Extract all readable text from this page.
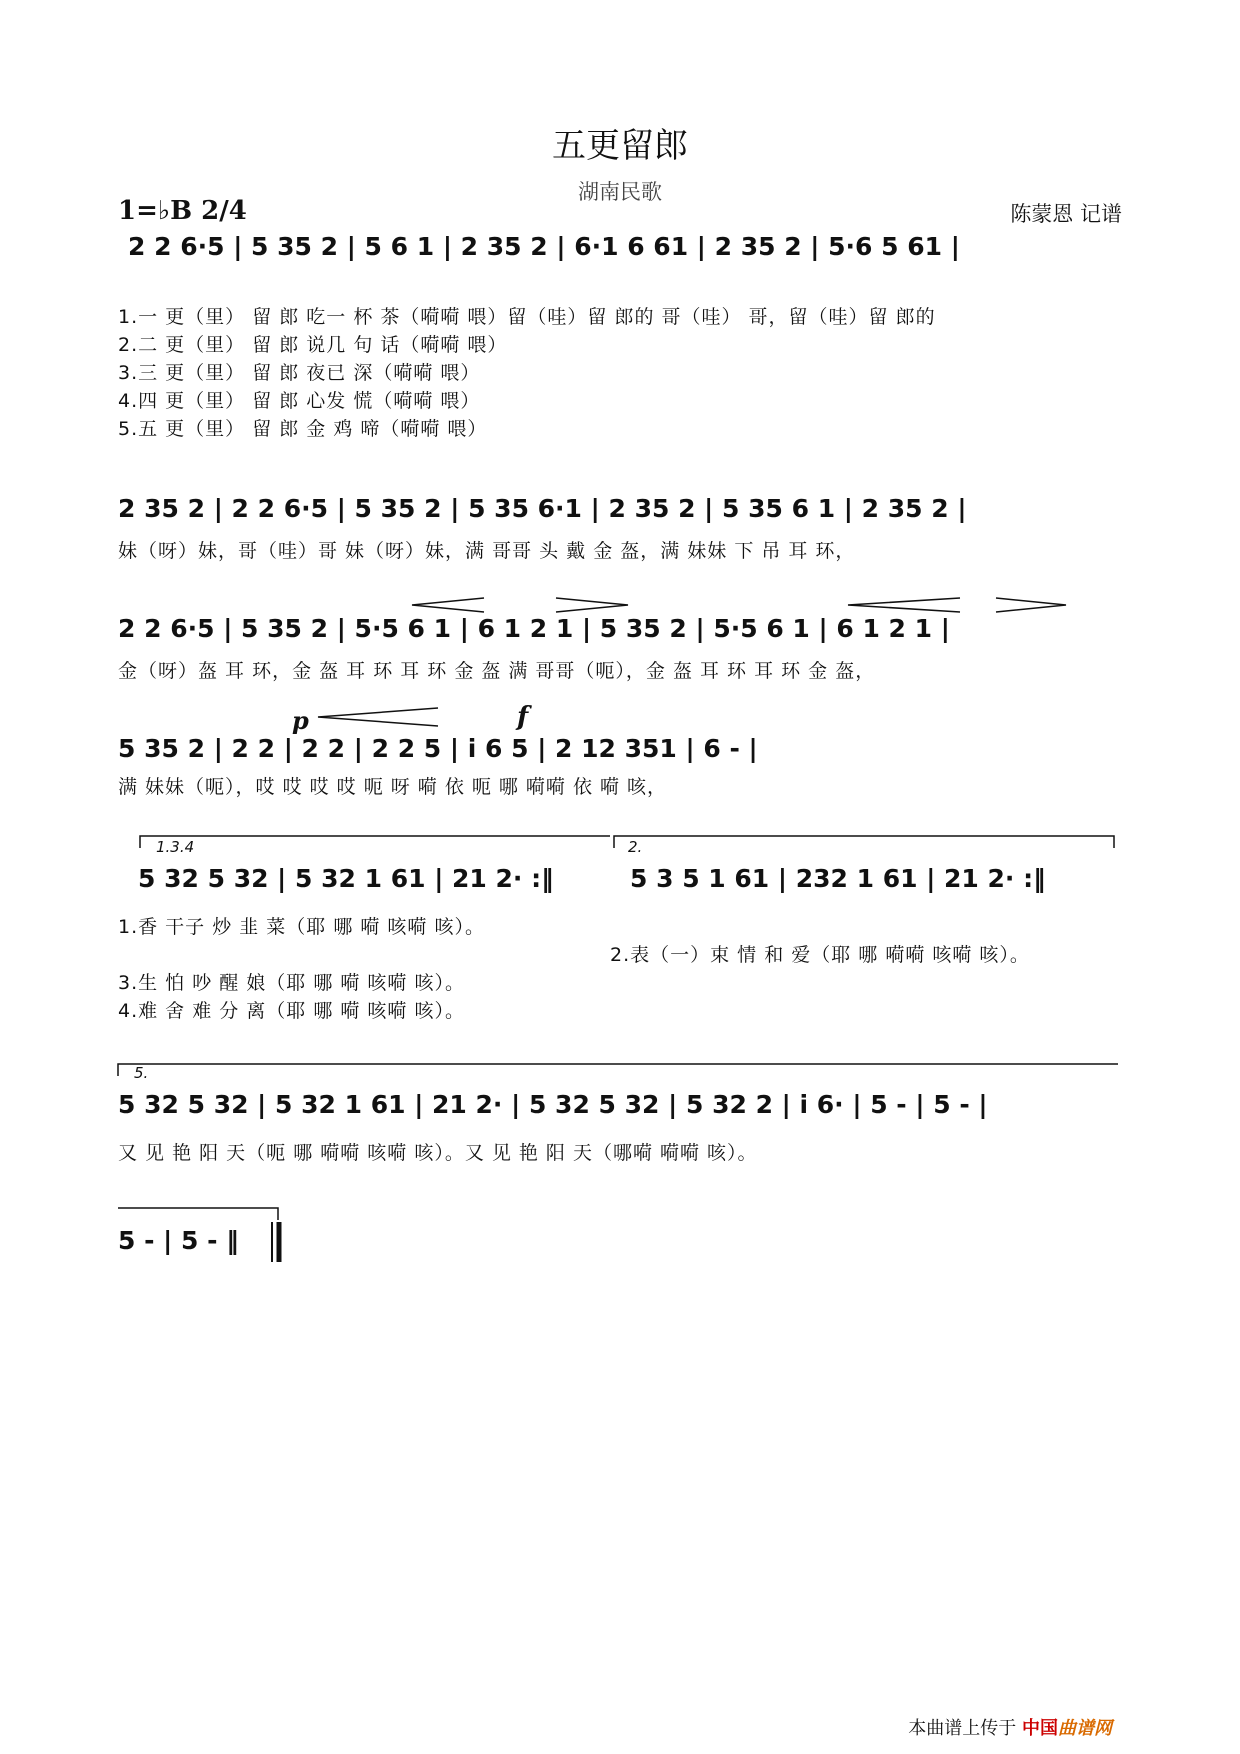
五更留郎
湖南民歌
1=♭B 2/4	陈蒙恩 记谱
2 2 6·5 | 5 35 2 | 5 6 1 | 2 35 2 | 6·1 6 61 | 2 35 2 | 5·6 5 61 |
1.一 更（里） 留 郎 吃一 杯 茶（嗬嗬 喂）留（哇）留 郎的 哥（哇） 哥，留（哇）留 郎的
2.二 更（里） 留 郎 说几 句 话（嗬嗬 喂）
3.三 更（里） 留 郎 夜已 深（嗬嗬 喂）
4.四 更（里） 留 郎 心发 慌（嗬嗬 喂）
5.五 更（里） 留 郎 金 鸡 啼（嗬嗬 喂）
2 35 2 | 2 2 6·5 | 5 35 2 | 5 35 6·1 | 2 35 2 | 5 35 6 1 | 2 35 2 |
妹（呀）妹，哥（哇）哥 妹（呀）妹，满 哥哥 头 戴 金 盔，满 妹妹 下 吊 耳 环，
2 2 6·5 | 5 35 2 | 5·5 6 1 | 6 1 2 1 | 5 35 2 | 5·5 6 1 | 6 1 2 1 |
金（呀）盔 耳 环，金 盔 耳 环 耳 环 金 盔 满 哥哥（呃），金 盔 耳 环 耳 环 金 盔，
p	f
5 35 2 | 2 2 | 2 2 | 2 2 5 | i 6 5 | 2 12 351 | 6 - |
满 妹妹（呃），哎 哎 哎 哎 呃 呀 嗬 依 呃 哪 嗬嗬 依 嗬 咳，
1.3.4	2.
5 32 5 32 | 5 32 1 61 | 21 2· :‖	5 3 5 1 61 | 232 1 61 | 21 2· :‖
1.香 干子 炒 韭 菜（耶 哪 嗬 咳嗬 咳）。
2.表（一）束 情 和 爱（耶 哪 嗬嗬 咳嗬 咳）。
3.生 怕 吵 醒 娘（耶 哪 嗬 咳嗬 咳）。
4.难 舍 难 分 离（耶 哪 嗬 咳嗬 咳）。
5.
5 32 5 32 | 5 32 1 61 | 21 2· | 5 32 5 32 | 5 32 2 | i 6· | 5 - | 5 - |
又 见 艳 阳 天（呃 哪 嗬嗬 咳嗬 咳）。又 见 艳 阳 天（哪嗬 嗬嗬 咳）。
5 - | 5 - ‖
本曲谱上传于 中国曲谱网
